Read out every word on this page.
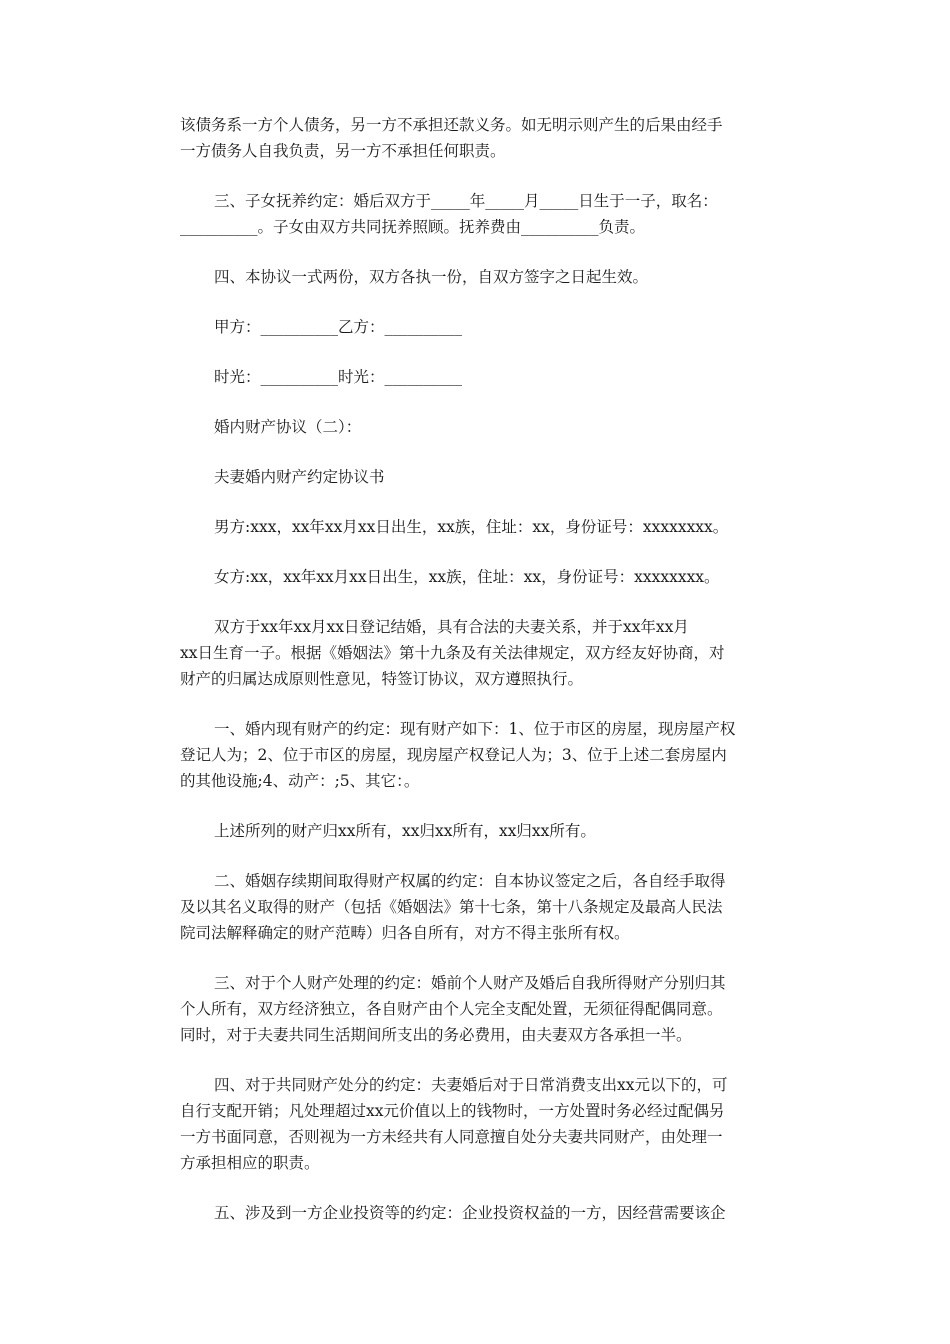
该债务系一方个人债务，另一方不承担还款义务。如无明示则产生的后果由经手
一方债务人自我负责，另一方不承担任何职责。

三、子女抚养约定：婚后双方于_____年_____月_____日生于一子，取名：
__________。子女由双方共同抚养照顾。抚养费由__________负责。

四、本协议一式两份，双方各执一份，自双方签字之日起生效。

甲方：__________乙方：__________

时光：__________时光：__________

婚内财产协议（二）：

夫妻婚内财产约定协议书

男方:xxx，xx年xx月xx日出生，xx族，住址：xx，身份证号：xxxxxxxx。

女方:xx，xx年xx月xx日出生，xx族，住址：xx，身份证号：xxxxxxxx。

双方于xx年xx月xx日登记结婚，具有合法的夫妻关系，并于xx年xx月
xx日生育一子。根据《婚姻法》第十九条及有关法律规定，双方经友好协商，对
财产的归属达成原则性意见，特签订协议，双方遵照执行。

一、婚内现有财产的约定：现有财产如下：1、位于市区的房屋，现房屋产权
登记人为；2、位于市区的房屋，现房屋产权登记人为；3、位于上述二套房屋内
的其他设施;4、动产：;5、其它：。

上述所列的财产归xx所有，xx归xx所有，xx归xx所有。

二、婚姻存续期间取得财产权属的约定：自本协议签定之后，各自经手取得
及以其名义取得的财产（包括《婚姻法》第十七条，第十八条规定及最高人民法
院司法解释确定的财产范畴）归各自所有，对方不得主张所有权。

三、对于个人财产处理的约定：婚前个人财产及婚后自我所得财产分别归其
个人所有，双方经济独立，各自财产由个人完全支配处置，无须征得配偶同意。
同时，对于夫妻共同生活期间所支出的务必费用，由夫妻双方各承担一半。

四、对于共同财产处分的约定：夫妻婚后对于日常消费支出xx元以下的，可
自行支配开销；凡处理超过xx元价值以上的钱物时，一方处置时务必经过配偶另
一方书面同意，否则视为一方未经共有人同意擅自处分夫妻共同财产，由处理一
方承担相应的职责。

五、涉及到一方企业投资等的约定：企业投资权益的一方，因经营需要该企
